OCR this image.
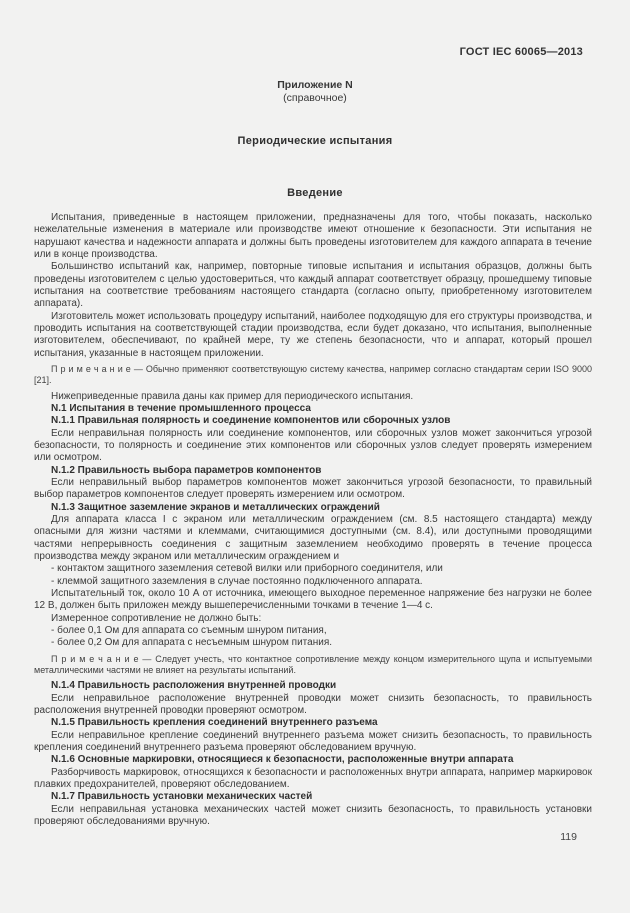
ГОСТ IEC 60065—2013
Приложение N
(справочное)
Периодические испытания
Введение
Испытания, приведенные в настоящем приложении, предназначены для того, чтобы показать, насколько нежелательные изменения в материале или производстве имеют отношение к безопасности. Эти испытания не нарушают качества и надежности аппарата и должны быть проведены изготовителем для каждого аппарата в течение или в конце производства.
Большинство испытаний как, например, повторные типовые испытания и испытания образцов, должны быть проведены изготовителем с целью удостовериться, что каждый аппарат соответствует образцу, прошедшему типовые испытания на соответствие требованиям настоящего стандарта (согласно опыту, приобретенному изготовителем аппарата).
Изготовитель может использовать процедуру испытаний, наиболее подходящую для его структуры производства, и проводить испытания на соответствующей стадии производства, если будет доказано, что испытания, выполненные изготовителем, обеспечивают, по крайней мере, ту же степень безопасности, что и аппарат, который прошел испытания, указанные в настоящем приложении.
П р и м е ч а н и е — Обычно применяют соответствующую систему качества, например согласно стандартам серии ISO 9000 [21].
Нижеприведенные правила даны как пример для периодического испытания.
N.1 Испытания в течение промышленного процесса
N.1.1 Правильная полярность и соединение компонентов или сборочных узлов
Если неправильная полярность или соединение компонентов, или сборочных узлов может закончиться угрозой безопасности, то полярность и соединение этих компонентов или сборочных узлов следует проверять измерением или осмотром.
N.1.2 Правильность выбора параметров компонентов
Если неправильный выбор параметров компонентов может закончиться угрозой безопасности, то правильный выбор параметров компонентов следует проверять измерением или осмотром.
N.1.3 Защитное заземление экранов и металлических ограждений
Для аппарата класса I с экраном или металлическим ограждением (см. 8.5 настоящего стандарта) между опасными для жизни частями и клеммами, считающимися доступными (см. 8.4), или доступными проводящими частями непрерывность соединения с защитным заземлением необходимо проверять в течение процесса производства между экраном или металлическим ограждением и
- контактом защитного заземления сетевой вилки или приборного соединителя, или
- клеммой защитного заземления в случае постоянно подключенного аппарата.
Испытательный ток, около 10 А от источника, имеющего выходное переменное напряжение без нагрузки не более 12 В, должен быть приложен между вышеперечисленными точками в течение 1—4 с.
Измеренное сопротивление не должно быть:
- более 0,1 Ом для аппарата со съемным шнуром питания,
- более 0,2 Ом для аппарата с несъемным шнуром питания.
П р и м е ч а н и е — Следует учесть, что контактное сопротивление между концом измерительного щупа и испытуемыми металлическими частями не влияет на результаты испытаний.
N.1.4 Правильность расположения внутренней проводки
Если неправильное расположение внутренней проводки может снизить безопасность, то правильность расположения внутренней проводки проверяют осмотром.
N.1.5 Правильность крепления соединений внутреннего разъема
Если неправильное крепление соединений внутреннего разъема может снизить безопасность, то правильность крепления соединений внутреннего разъема проверяют обследованием вручную.
N.1.6 Основные маркировки, относящиеся к безопасности, расположенные внутри аппарата
Разборчивость маркировок, относящихся к безопасности и расположенных внутри аппарата, например маркировок плавких предохранителей, проверяют обследованием.
N.1.7 Правильность установки механических частей
Если неправильная установка механических частей может снизить безопасность, то правильность установки проверяют обследованиями вручную.
119
